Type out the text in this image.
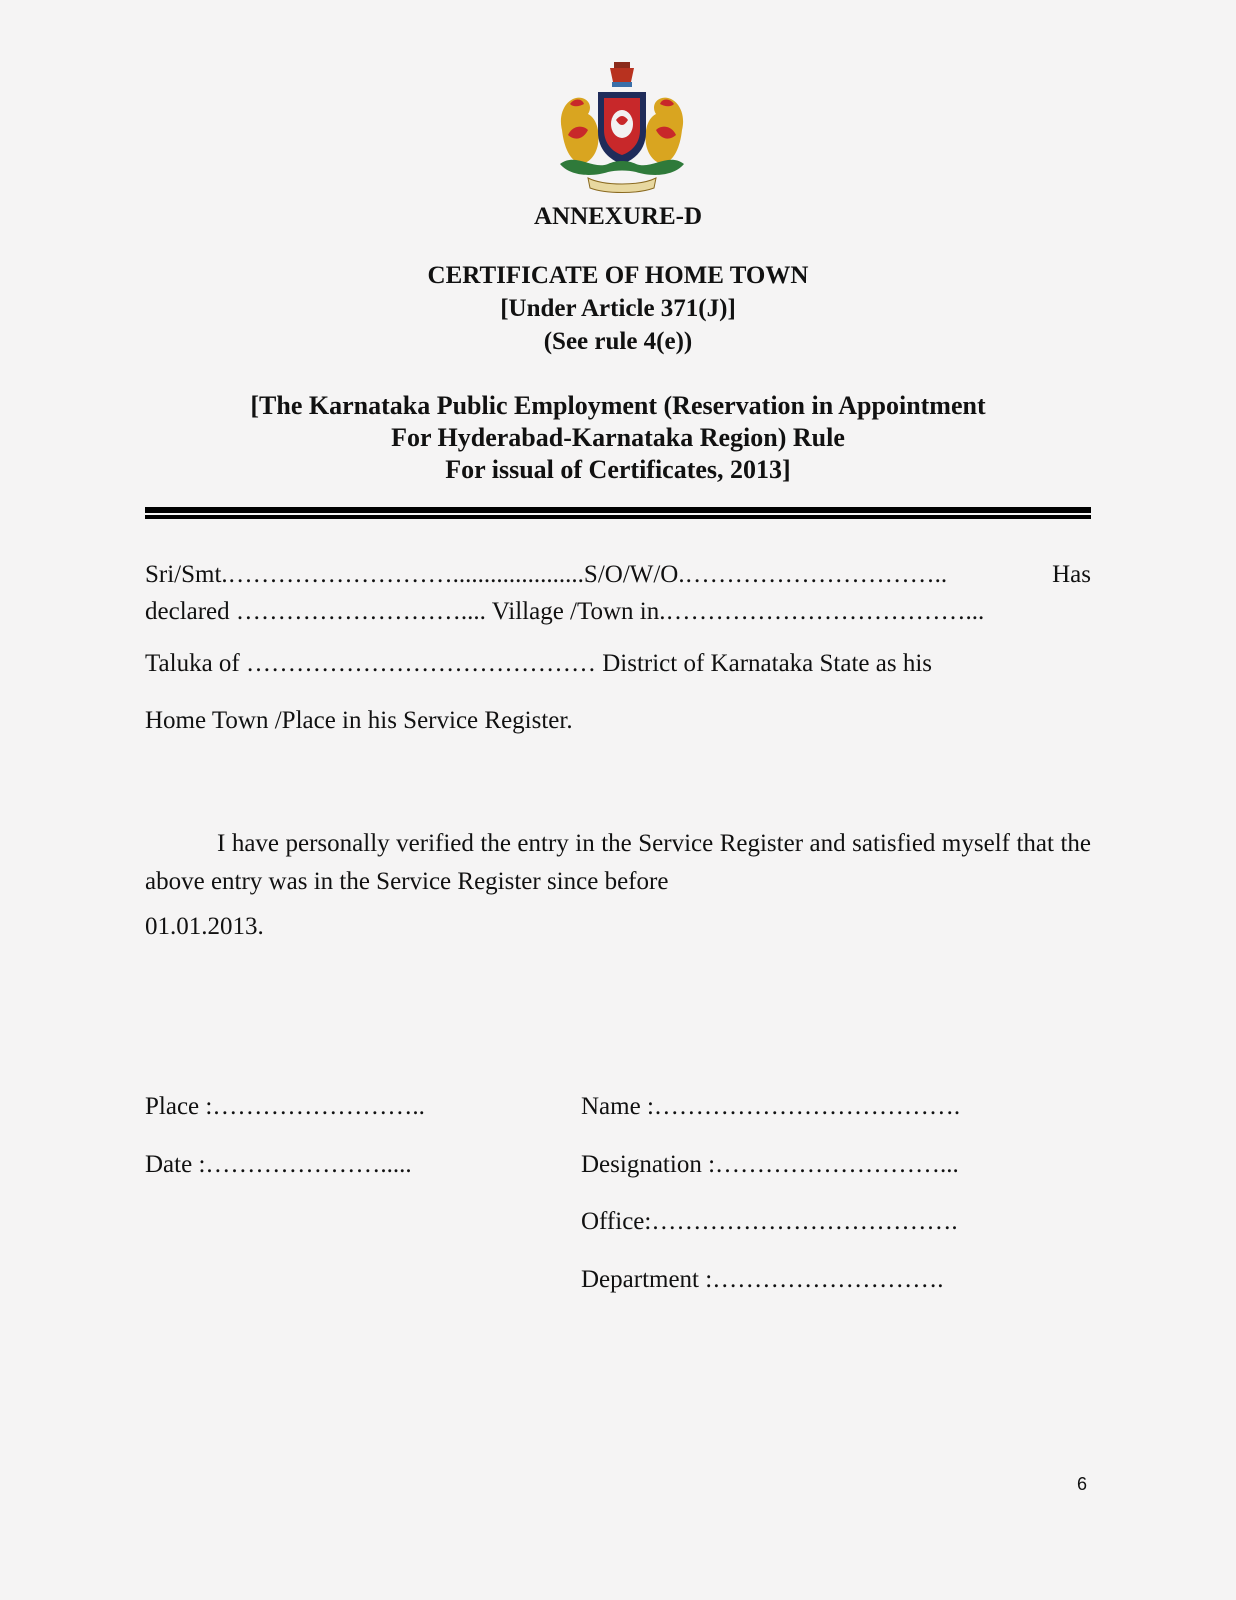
ANNEXURE-D
CERTIFICATE OF HOME TOWN
[Under Article 371(J)]
(See rule 4(e))
[The Karnataka Public Employment (Reservation in Appointment
For Hyderabad-Karnataka Region) Rule
For issual of Certificates, 2013]
Sri/Smt.……………………….....................S/O/W/O.…………………………..	Has
declared ……………………….... Village /Town in.………………………………...
Taluka of …………………………………… District of Karnataka State as his
Home Town /Place in his Service Register.
I have personally verified the entry in the Service Register and satisfied myself that the above entry was in the Service Register since before
01.01.2013.
Place :……………………..
Date :………………….....
Name :……………………………….
Designation :………………………...
Office:……………………………….
Department :……………………….
6
